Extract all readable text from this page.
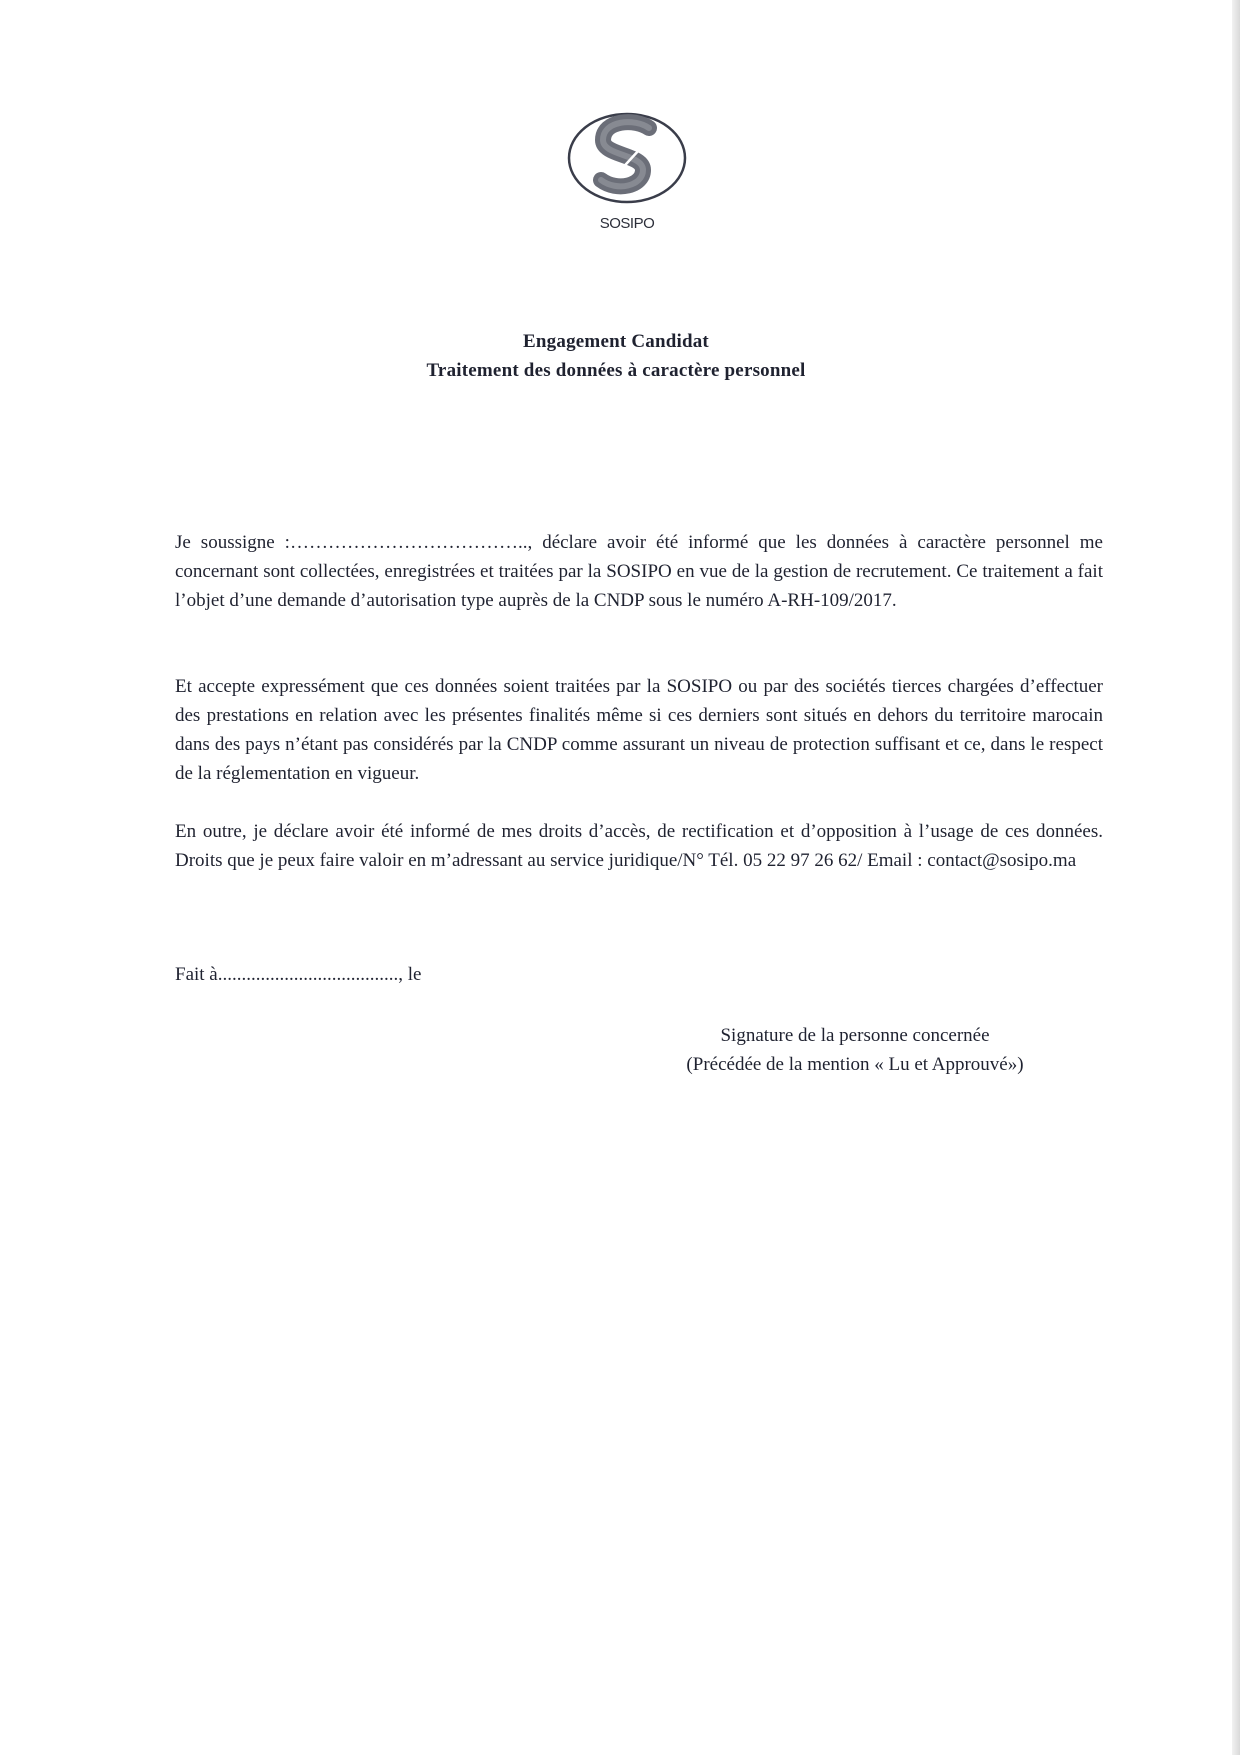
SOSIPO
Engagement Candidat
Traitement des données à caractère personnel
Je soussigne :……………………………….., déclare avoir été informé que les données à caractère personnel me concernant sont collectées, enregistrées et traitées par la SOSIPO en vue de la gestion de recrutement. Ce traitement a fait l’objet d’une demande d’autorisation type auprès de la CNDP sous le numéro A-RH-109/2017.
Et accepte expressément que ces données soient traitées par la SOSIPO ou par des sociétés tierces chargées d’effectuer des prestations en relation avec les présentes finalités même si ces derniers sont situés en dehors du territoire marocain dans des pays n’étant pas considérés par la CNDP comme assurant un niveau de protection suffisant et ce, dans le respect de la réglementation en vigueur.
En outre, je déclare avoir été informé de mes droits d’accès, de rectification et d’opposition à l’usage de ces données. Droits que je peux faire valoir en m’adressant au service juridique/N° Tél. 05 22 97 26 62/ Email : contact@sosipo.ma
Fait à......................................, le
Signature de la personne concernée
(Précédée de la mention « Lu et Approuvé»)
